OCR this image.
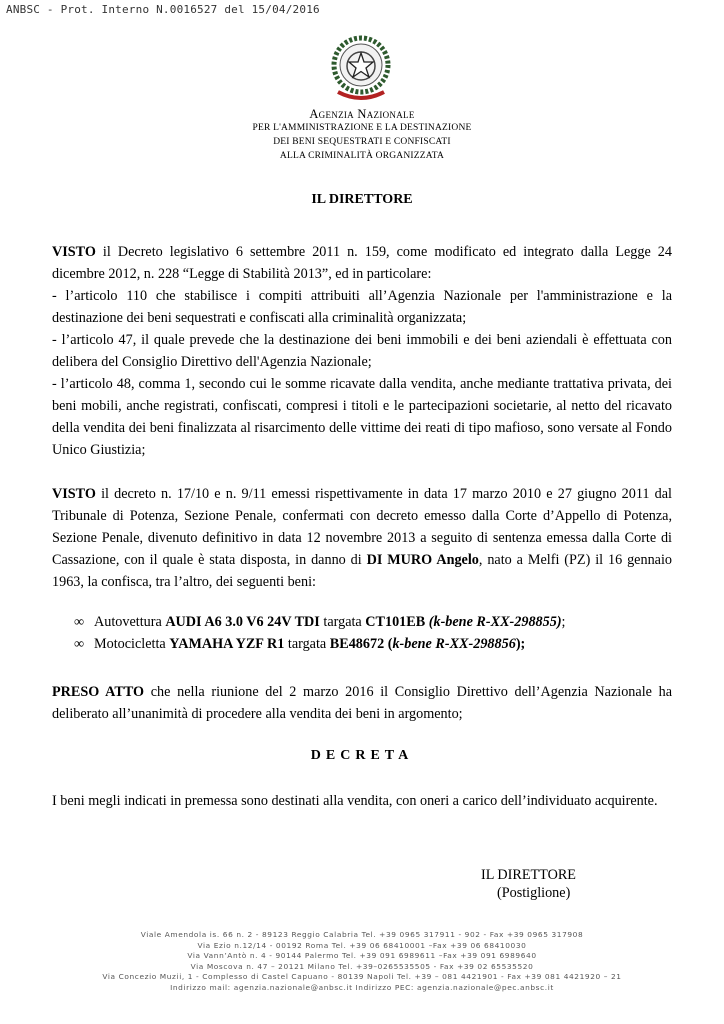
ANBSC - Prot. Interno N.0016527 del 15/04/2016
Agenzia Nazionale
PER L'AMMINISTRAZIONE E LA DESTINAZIONE
DEI BENI SEQUESTRATI E CONFISCATI
ALLA CRIMINALITÀ ORGANIZZATA
IL DIRETTORE

VISTO il Decreto legislativo 6 settembre 2011 n. 159, come modificato ed integrato dalla Legge 24 dicembre 2012, n. 228 “Legge di Stabilità 2013”, ed in particolare:

- l’articolo 110 che stabilisce i compiti attribuiti all’Agenzia Nazionale per l'amministrazione e la destinazione dei beni sequestrati e confiscati alla criminalità organizzata;

- l’articolo 47, il quale prevede che la destinazione dei beni immobili e dei beni aziendali è effettuata con delibera del Consiglio Direttivo dell'Agenzia Nazionale;

- l’articolo 48, comma 1, secondo cui le somme ricavate dalla vendita, anche mediante trattativa privata, dei beni mobili, anche registrati, confiscati, compresi i titoli e le partecipazioni societarie, al netto del ricavato della vendita dei beni finalizzata al risarcimento delle vittime dei reati di tipo mafioso, sono versate al Fondo Unico Giustizia;

VISTO il decreto n. 17/10 e n. 9/11 emessi rispettivamente in data 17 marzo 2010 e 27 giugno 2011 dal Tribunale di Potenza, Sezione Penale, confermati con decreto emesso dalla Corte d’Appello di Potenza, Sezione Penale, divenuto definitivo in data 12 novembre 2013 a seguito di sentenza emessa dalla Corte di Cassazione, con il quale è stata disposta, in danno di DI MURO Angelo, nato a Melfi (PZ) il 16 gennaio 1963, la confisca, tra l’altro, dei seguenti beni:

∞ Autovettura AUDI A6 3.0 V6 24V TDI targata CT101EB (k-bene R-XX-298855);
∞ Motocicletta YAMAHA YZF R1 targata BE48672 (k-bene R-XX-298856);

PRESO ATTO che nella riunione del 2 marzo 2016 il Consiglio Direttivo dell’Agenzia Nazionale ha deliberato all’unanimità di procedere alla vendita dei beni in argomento;

DECRETA

I beni megli indicati in premessa sono destinati alla vendita, con oneri a carico dell’individuato acquirente.

IL DIRETTORE
(Postiglione)
Viale Amendola is. 66 n. 2 - 89123 Reggio Calabria Tel. +39 0965 317911 - 902 - Fax +39 0965 317908
Via Ezio n.12/14 - 00192 Roma Tel. +39 06 68410001 –Fax +39 06 68410030
Via Vann’Antò n. 4 - 90144 Palermo Tel. +39 091 6989611 –Fax +39 091 6989640
Via Moscova n. 47 – 20121 Milano Tel. +39–0265535505 - Fax +39 02 65535520
Via Concezio Muzii, 1 - Complesso di Castel Capuano - 80139 Napoli Tel. +39 – 081 4421901 - Fax +39 081 4421920 – 21
Indirizzo mail: agenzia.nazionale@anbsc.it Indirizzo PEC: agenzia.nazionale@pec.anbsc.it
